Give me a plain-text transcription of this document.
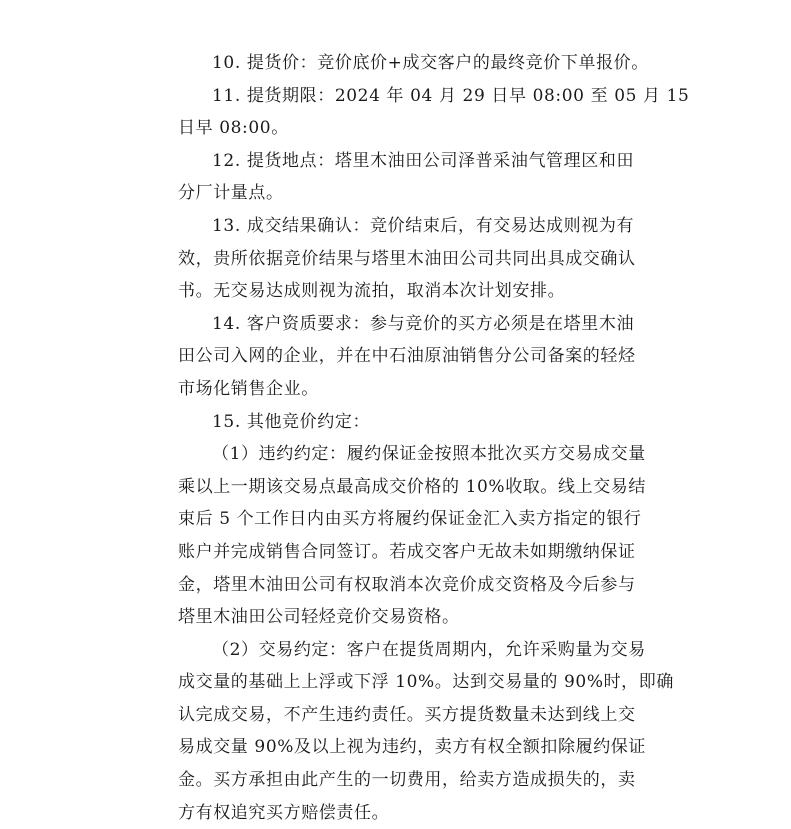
10. 提货价：竞价底价+成交客户的最终竞价下单报价。
11. 提货期限：2024 年 04 月 29 日早 08:00 至 05 月 15
日早 08:00。
12. 提货地点：塔里木油田公司泽普采油气管理区和田
分厂计量点。
13. 成交结果确认：竞价结束后，有交易达成则视为有
效，贵所依据竞价结果与塔里木油田公司共同出具成交确认
书。无交易达成则视为流拍，取消本次计划安排。
14. 客户资质要求：参与竞价的买方必须是在塔里木油
田公司入网的企业，并在中石油原油销售分公司备案的轻烃
市场化销售企业。
15. 其他竞价约定：
（1）违约约定：履约保证金按照本批次买方交易成交量
乘以上一期该交易点最高成交价格的 10%收取。线上交易结
束后 5 个工作日内由买方将履约保证金汇入卖方指定的银行
账户并完成销售合同签订。若成交客户无故未如期缴纳保证
金，塔里木油田公司有权取消本次竞价成交资格及今后参与
塔里木油田公司轻烃竞价交易资格。
（2）交易约定：客户在提货周期内，允许采购量为交易
成交量的基础上上浮或下浮 10%。达到交易量的 90%时，即确
认完成交易，不产生违约责任。买方提货数量未达到线上交
易成交量 90%及以上视为违约，卖方有权全额扣除履约保证
金。买方承担由此产生的一切费用，给卖方造成损失的，卖
方有权追究买方赔偿责任。
